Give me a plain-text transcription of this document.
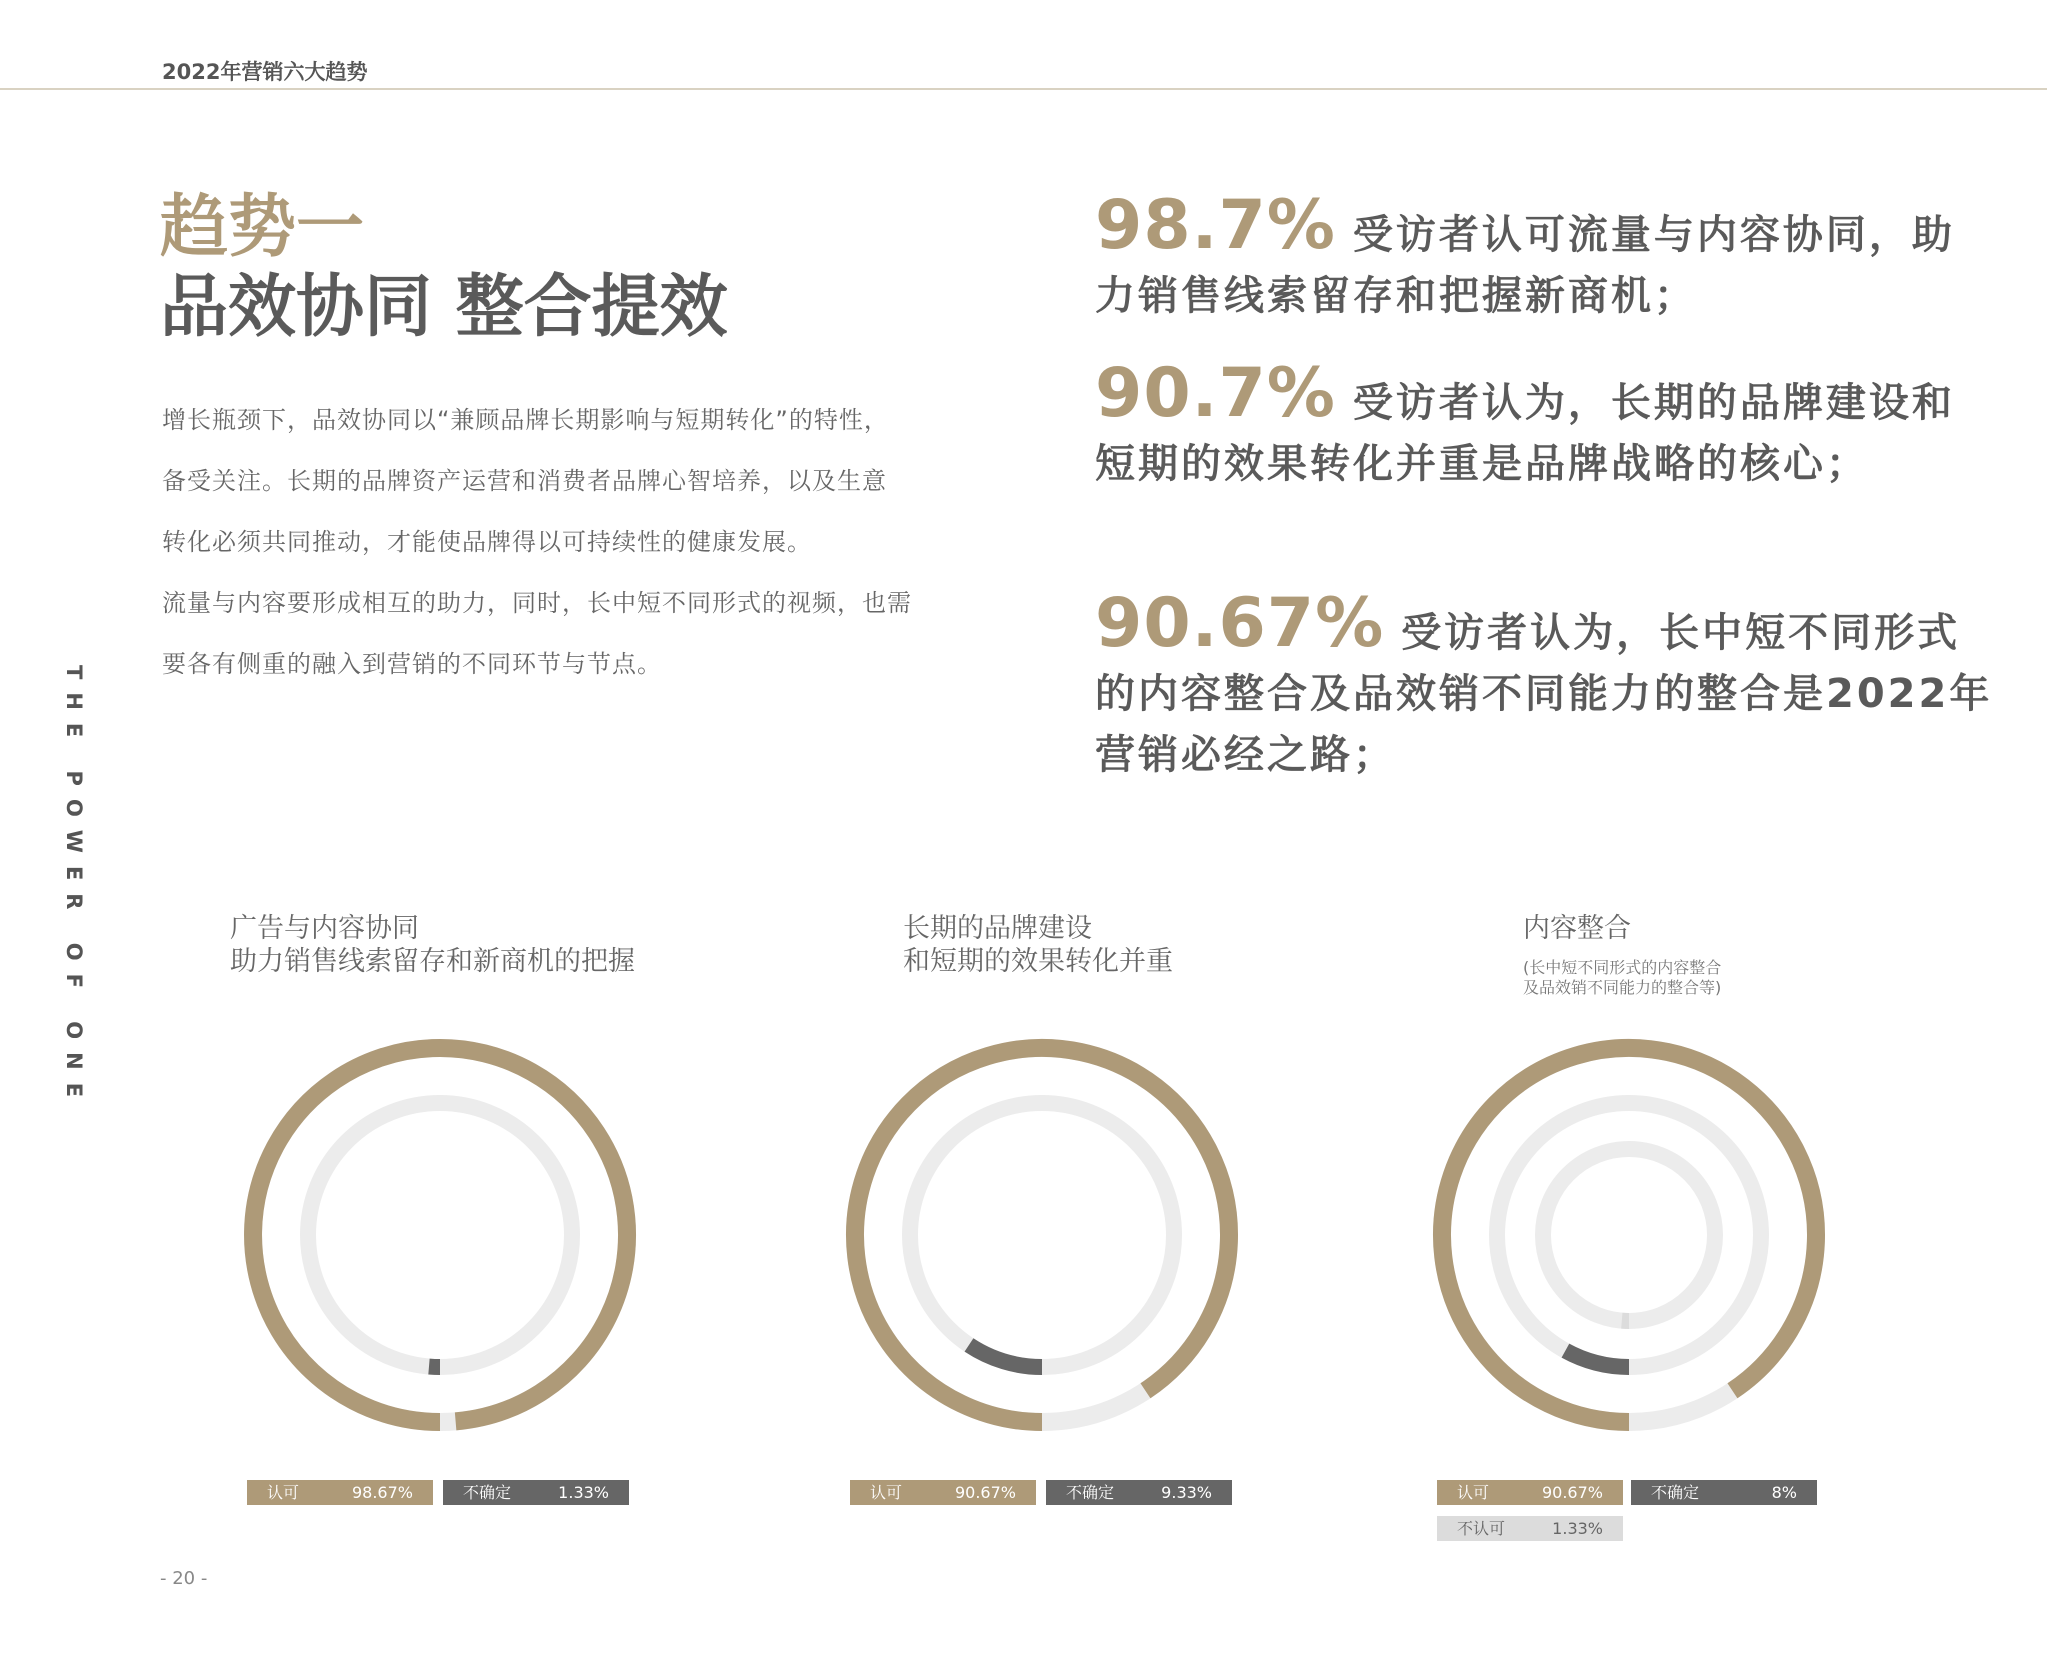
2022年营销六大趋势
THE POWER OF ONE
趋势一
品效协同 整合提效

增长瓶颈下，品效协同以“兼顾品牌长期影响与短期转化”的特性，

备受关注。长期的品牌资产运营和消费者品牌心智培养，以及生意

转化必须共同推动，才能使品牌得以可持续性的健康发展。

流量与内容要形成相互的助力，同时，长中短不同形式的视频，也需

要各有侧重的融入到营销的不同环节与节点。

98.7% 受访者认可流量与内容协同，助力销售线索留存和把握新商机；
90.7% 受访者认为，长期的品牌建设和短期的效果转化并重是品牌战略的核心；
90.67% 受访者认为，长中短不同形式的内容整合及品效销不同能力的整合是2022年营销必经之路；
广告与内容协同
助力销售线索留存和新商机的把握
认可	98.67%	不确定	1.33%
长期的品牌建设
和短期的效果转化并重
认可	90.67%	不确定	9.33%
内容整合
(长中短不同形式的内容整合
及品效销不同能力的整合等)
认可	90.67%	不确定	8%
不认可	1.33%
- 20 -
